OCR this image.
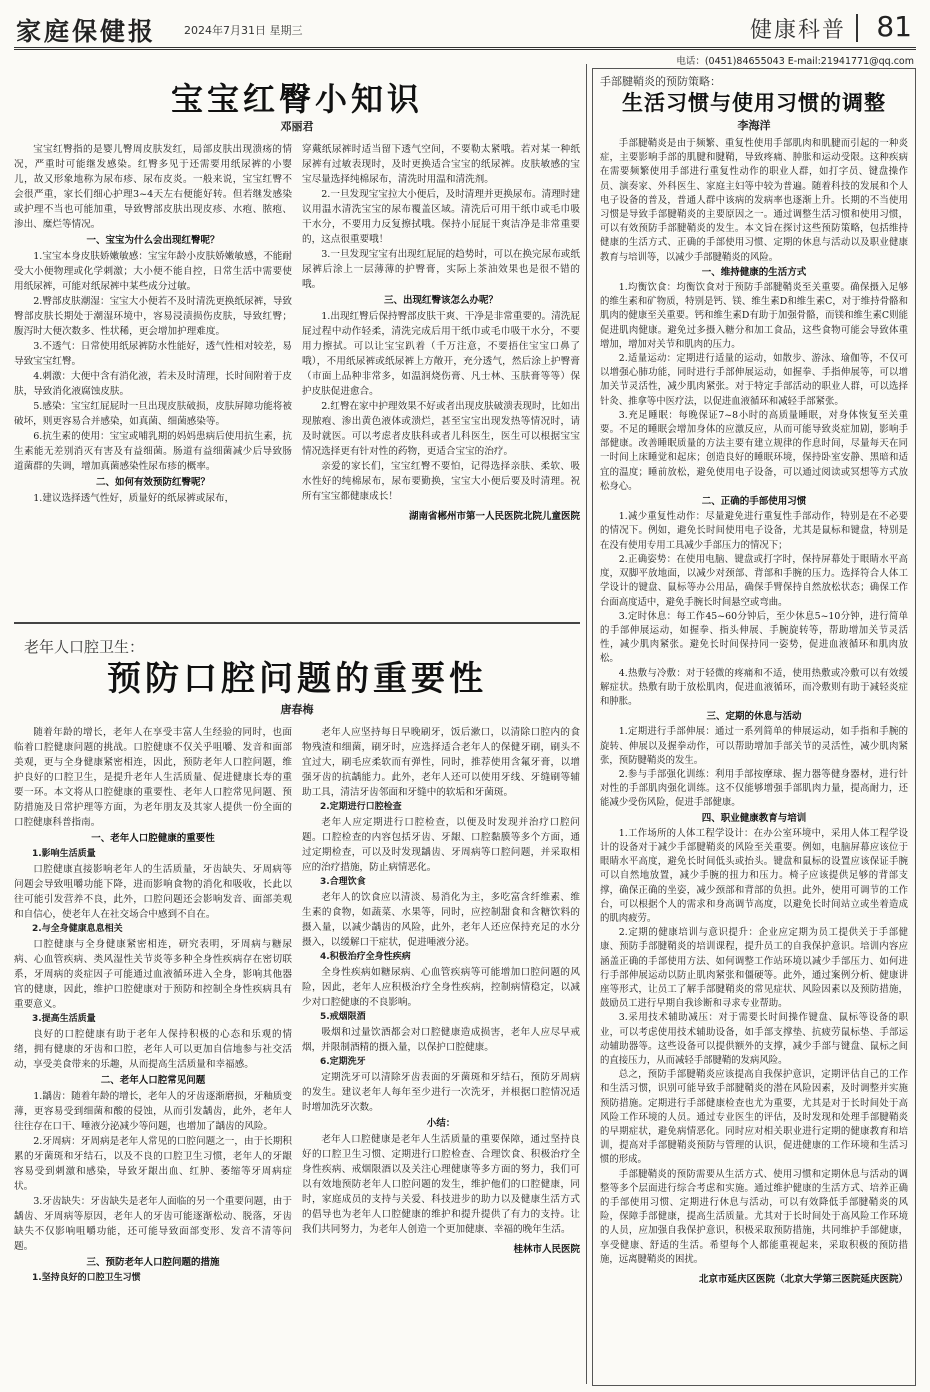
家庭保健报	2024年7月31日 星期三	健康科普 81
电话：(0451)84655043 E-mail:21941771@qq.com
宝宝红臀小知识
邓丽君
宝宝红臀指的是婴儿臀周皮肤发红，局部皮肤出现溃疡的情况，严重时可能继发感染。红臀多见于还需要用纸尿裤的小婴儿，故又形象地称为尿布疹、尿布皮炎。一般来说，宝宝红臀不会很严重，家长们细心护理3~4天左右便能好转。但若继发感染或护理不当也可能加重，导致臀部皮肤出现皮疹、水疱、脓疱、渗出、糜烂等情况。
一、宝宝为什么会出现红臀呢？
1.宝宝本身皮肤娇嫩敏感：宝宝年龄小皮肤娇嫩敏感，不能耐受大小便物理或化学刺激；大小便不能自控，日常生活中需要使用纸尿裤，可能对纸尿裤中某些成分过敏。
2.臀部皮肤潮湿：宝宝大小便若不及时清洗更换纸尿裤，导致臀部皮肤长期处于潮湿环境中，容易浸渍损伤皮肤，导致红臀；腹泻时大便次数多、性状稀，更会增加护理难度。
3.不透气：日常使用纸尿裤防水性能好，透气性相对较差，易导致宝宝红臀。
4.刺激：大便中含有消化液，若未及时清理，长时间附着于皮肤，导致消化液腐蚀皮肤。
5.感染：宝宝红屁屁时一旦出现皮肤破损，皮肤屏障功能将被破坏，则更容易合并感染，如真菌、细菌感染等。
6.抗生素的使用：宝宝或哺乳期的妈妈患病后使用抗生素，抗生素能无差别消灭有害及有益细菌。肠道有益细菌减少后导致肠道菌群的失调，增加真菌感染性尿布疹的概率。
二、如何有效预防红臀呢？
1.建议选择透气性好，质量好的纸尿裤或尿布，
穿戴纸尿裤时适当留下透气空间，不要勒太紧哦。若对某一种纸尿裤有过敏表现时，及时更换适合宝宝的纸尿裤。皮肤敏感的宝宝尽量选择纯棉尿布，清洗时用温和清洗剂。
2.一旦发现宝宝拉大小便后，及时清理并更换尿布。清理时建议用温水清洗宝宝的尿布覆盖区域。清洗后可用干纸巾或毛巾吸干水分，不要用力反复擦拭哦。保持小屁屁干爽洁净是非常重要的，这点很重要哦！
3.一旦发现宝宝有出现红屁屁的趋势时，可以在换完尿布或纸尿裤后涂上一层薄薄的护臀膏，实际上茶油效果也是很不错的哦。
三、出现红臀该怎么办呢？
1.出现红臀后保持臀部皮肤干爽、干净是非常重要的。清洗屁屁过程中动作轻柔，清洗完成后用干纸巾或毛巾吸干水分，不要用力擦拭。可以让宝宝趴着（千万注意，不要捂住宝宝口鼻了哦），不用纸尿裤或纸尿裤上方敞开，充分透气，然后涂上护臀膏（市面上品种非常多，如温润烧伤膏、凡士林、玉肤膏等等）保护皮肤促进愈合。
2.红臀在家中护理效果不好或者出现皮肤破溃表现时，比如出现脓疱、渗出黄色液体或溃烂，甚至宝宝出现发热等情况时，请及时就医。可以考虑者皮肤科或者儿科医生，医生可以根据宝宝情况选择更有针对性的药物，更适合宝宝的治疗。
亲爱的家长们，宝宝红臀不要怕，记得选择亲肤、柔软、吸水性好的纯棉尿布，尿布要勤换，宝宝大小便后要及时清理。祝所有宝宝都健康成长！
湖南省郴州市第一人民医院北院儿童医院
老年人口腔卫生：
预防口腔问题的重要性
唐春梅
随着年龄的增长，老年人在享受丰富人生经验的同时，也面临着口腔健康问题的挑战。口腔健康不仅关乎咀嚼、发音和面部美观，更与全身健康紧密相连，因此，预防老年人口腔问题，维护良好的口腔卫生，是提升老年人生活质量、促进健康长寿的重要一环。本文将从口腔健康的重要性、老年人口腔常见问题、预防措施及日常护理等方面，为老年朋友及其家人提供一份全面的口腔健康科普指南。
一、老年人口腔健康的重要性
1.影响生活质量
口腔健康直接影响老年人的生活质量，牙齿缺失、牙周病等问题会导致咀嚼功能下降，进而影响食物的消化和吸收，长此以往可能引发营养不良，此外，口腔问题还会影响发音、面部美观和自信心，使老年人在社交场合中感到不自在。
2.与全身健康息息相关
口腔健康与全身健康紧密相连，研究表明，牙周病与糖尿病、心血管疾病、类风湿性关节炎等多种全身性疾病存在密切联系，牙周病的炎症因子可能通过血液循环进入全身，影响其他器官的健康，因此，维护口腔健康对于预防和控制全身性疾病具有重要意义。
3.提高生活质量
良好的口腔健康有助于老年人保持积极的心态和乐观的情绪，拥有健康的牙齿和口腔，老年人可以更加自信地参与社交活动，享受美食带来的乐趣，从而提高生活质量和幸福感。
二、老年人口腔常见问题
1.龋齿：随着年龄的增长，老年人的牙齿逐渐磨损，牙釉质变薄，更容易受到细菌和酸的侵蚀，从而引发龋齿，此外，老年人往往存在口干、唾液分泌减少等问题，也增加了龋齿的风险。
2.牙周病：牙周病是老年人常见的口腔问题之一，由于长期积累的牙菌斑和牙结石，以及不良的口腔卫生习惯，老年人的牙龈容易受到刺激和感染，导致牙龈出血、红肿、萎缩等牙周病症状。
3.牙齿缺失：牙齿缺失是老年人面临的另一个重要问题，由于龋齿、牙周病等原因，老年人的牙齿可能逐渐松动、脱落，牙齿缺失不仅影响咀嚼功能，还可能导致面部变形、发音不清等问题。
三、预防老年人口腔问题的措施
1.坚持良好的口腔卫生习惯
老年人应坚持每日早晚刷牙，饭后漱口，以清除口腔内的食物残渣和细菌，刷牙时，应选择适合老年人的保健牙刷，刷头不宜过大，刷毛应柔软而有弹性，同时，推荐使用含氟牙膏，以增强牙齿的抗龋能力。此外，老年人还可以使用牙线、牙缝刷等辅助工具，清洁牙齿邻面和牙缝中的软垢和牙菌斑。
2.定期进行口腔检查
老年人应定期进行口腔检查，以便及时发现并治疗口腔问题。口腔检查的内容包括牙齿、牙龈、口腔黏膜等多个方面，通过定期检查，可以及时发现龋齿、牙周病等口腔问题，并采取相应的治疗措施，防止病情恶化。
3.合理饮食
老年人的饮食应以清淡、易消化为主，多吃富含纤维素、维生素的食物，如蔬菜、水果等，同时，应控制甜食和含糖饮料的摄入量，以减少龋齿的风险，此外，老年人还应保持充足的水分摄入，以缓解口干症状，促进唾液分泌。
4.积极治疗全身性疾病
全身性疾病如糖尿病、心血管疾病等可能增加口腔问题的风险，因此，老年人应积极治疗全身性疾病，控制病情稳定，以减少对口腔健康的不良影响。
5.戒烟限酒
吸烟和过量饮酒都会对口腔健康造成损害，老年人应尽早戒烟，并限制酒精的摄入量，以保护口腔健康。
6.定期洗牙
定期洗牙可以清除牙齿表面的牙菌斑和牙结石，预防牙周病的发生。建议老年人每年至少进行一次洗牙，并根据口腔情况适时增加洗牙次数。
小结：
老年人口腔健康是老年人生活质量的重要保障，通过坚持良好的口腔卫生习惯、定期进行口腔检查、合理饮食、积极治疗全身性疾病、戒烟限酒以及关注心理健康等多方面的努力，我们可以有效地预防老年人口腔问题的发生，维护他们的口腔健康，同时，家庭成员的支持与关爱、科技进步的助力以及健康生活方式的倡导也为老年人口腔健康的维护和提升提供了有力的支持。让我们共同努力，为老年人创造一个更加健康、幸福的晚年生活。
桂林市人民医院
手部腱鞘炎的预防策略：
生活习惯与使用习惯的调整
李海洋
手部腱鞘炎是由于频繁、重复性使用手部肌肉和肌腱而引起的一种炎症，主要影响手部的肌腱和腱鞘，导致疼痛、肿胀和运动受限。这种疾病在需要频繁使用手部进行重复性动作的职业人群，如打字员、键盘操作员、演奏家、外科医生、家庭主妇等中较为普遍。随着科技的发展和个人电子设备的普及，普通人群中该病的发病率也逐渐上升。长期的不当使用习惯是导致手部腱鞘炎的主要原因之一。通过调整生活习惯和使用习惯，可以有效预防手部腱鞘炎的发生。本文旨在探讨这些预防策略，包括维持健康的生活方式、正确的手部使用习惯、定期的休息与活动以及职业健康教育与培训等，以减少手部腱鞘炎的风险。
一、维持健康的生活方式
1.均衡饮食：均衡饮食对于预防手部腱鞘炎至关重要。确保摄入足够的维生素和矿物质，特别是钙、镁、维生素D和维生素C，对于维持骨骼和肌肉的健康至关重要。钙和维生素D有助于加强骨骼，而镁和维生素C则能促进肌肉健康。避免过多摄入糖分和加工食品，这些食物可能会导致体重增加，增加对关节和肌肉的压力。
2.适量运动：定期进行适量的运动，如散步、游泳、瑜伽等，不仅可以增强心肺功能，同时进行手部伸展运动，如握拳、手指伸展等，可以增加关节灵活性，减少肌肉紧张。对于特定手部活动的职业人群，可以选择针灸、推拿等中医疗法，以促进血液循环和减轻手部紧张。
3.充足睡眠：每晚保证7~8小时的高质量睡眠，对身体恢复至关重要。不足的睡眠会增加身体的应激反应，从而可能导致炎症加剧，影响手部健康。改善睡眠质量的方法主要有建立规律的作息时间，尽量每天在同一时间上床睡觉和起床；创造良好的睡眠环境，保持卧室安静、黑暗和适宜的温度；睡前放松，避免使用电子设备，可以通过阅读或冥想等方式放松身心。
二、正确的手部使用习惯
1.减少重复性动作：尽量避免进行重复性手部动作，特别是在不必要的情况下。例如，避免长时间使用电子设备，尤其是鼠标和键盘，特别是在没有使用专用工具减少手部压力的情况下；
2.正确姿势：在使用电脑、键盘或打字时，保持屏幕处于眼睛水平高度，双脚平放地面，以减少对颈部、背部和手腕的压力。选择符合人体工学设计的键盘、鼠标等办公用品，确保手臂保持自然放松状态；确保工作台面高度适中，避免手腕长时间悬空或弯曲。
3.定时休息：每工作45~60分钟后，至少休息5~10分钟，进行简单的手部伸展运动，如握拳、指头伸展、手腕旋转等，帮助增加关节灵活性，减少肌肉紧张。避免长时间保持同一姿势，促进血液循环和肌肉放松。
4.热敷与冷敷：对于轻微的疼痛和不适，使用热敷或冷敷可以有效缓解症状。热敷有助于放松肌肉，促进血液循环，而冷敷则有助于减轻炎症和肿胀。
三、定期的休息与活动
1.定期进行手部伸展：通过一系列简单的伸展运动，如手指和手腕的旋转、伸展以及握拳动作，可以帮助增加手部关节的灵活性，减少肌肉紧张，预防腱鞘炎的发生。
2.参与手部强化训练：利用手部按摩球、握力器等健身器材，进行针对性的手部肌肉强化训练。这不仅能够增强手部肌肉力量，提高耐力，还能减少受伤风险，促进手部健康。
四、职业健康教育与培训
1.工作场所的人体工程学设计：在办公室环境中，采用人体工程学设计的设备对于减少手部腱鞘炎的风险至关重要。例如，电脑屏幕应该位于眼睛水平高度，避免长时间低头或抬头。键盘和鼠标的设置应该保证手腕可以自然地放置，减少手腕的扭力和压力。椅子应该提供足够的背部支撑，确保正确的坐姿，减少颈部和背部的负担。此外，使用可调节的工作台，可以根据个人的需求和身高调节高度，以避免长时间站立或坐着造成的肌肉疲劳。
2.定期的健康培训与意识提升：企业应定期为员工提供关于手部健康、预防手部腱鞘炎的培训课程，提升员工的自我保护意识。培训内容应涵盖正确的手部使用方法、如何调整工作站环境以减少手部压力、如何进行手部伸展运动以防止肌肉紧张和僵硬等。此外，通过案例分析、健康讲座等形式，让员工了解手部腱鞘炎的常见症状、风险因素以及预防措施，鼓励员工进行早期自我诊断和寻求专业帮助。
3.采用技术辅助减压：对于需要长时间操作键盘、鼠标等设备的职业，可以考虑使用技术辅助设备，如手部支撑垫、抗疲劳鼠标垫、手部运动辅助器等。这些设备可以提供额外的支撑，减少手部与键盘、鼠标之间的直接压力，从而减轻手部腱鞘的发病风险。
总之，预防手部腱鞘炎应该提高自我保护意识，定期评估自己的工作和生活习惯，识别可能导致手部腱鞘炎的潜在风险因素，及时调整并实施预防措施。定期进行手部健康检查也尤为重要，尤其是对于长时间处于高风险工作环境的人员。通过专业医生的评估，及时发现和处理手部腱鞘炎的早期症状，避免病情恶化。同时应对相关职业进行定期的健康教育和培训，提高对手部腱鞘炎预防与管理的认识，促进健康的工作环境和生活习惯的形成。
手部腱鞘炎的预防需要从生活方式、使用习惯和定期休息与活动的调整等多个层面进行综合考虑和实施。通过维护健康的生活方式、培养正确的手部使用习惯、定期进行休息与活动，可以有效降低手部腱鞘炎的风险，保障手部健康，提高生活质量。尤其对于长时间处于高风险工作环境的人员，应加强自我保护意识，积极采取预防措施，共同维护手部健康，享受健康、舒适的生活。希望每个人都能重视起来，采取积极的预防措施，远离腱鞘炎的困扰。
北京市延庆区医院（北京大学第三医院延庆医院）
